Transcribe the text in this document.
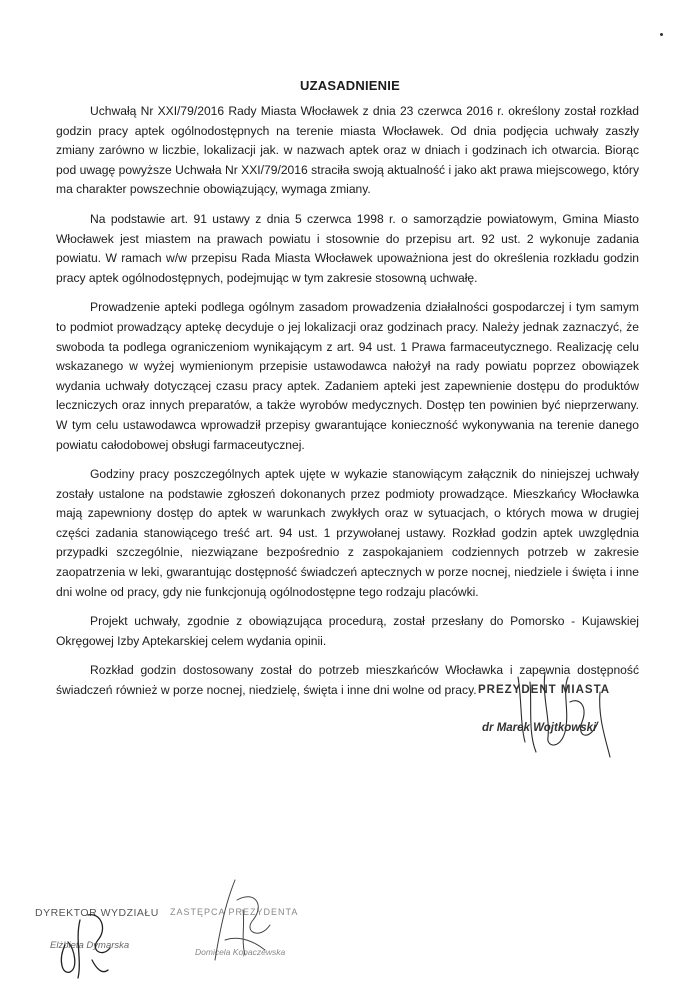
UZASADNIENIE

Uchwałą Nr XXI/79/2016 Rady Miasta Włocławek z dnia 23 czerwca 2016 r. określony został rozkład godzin pracy aptek ogólnodostępnych na terenie miasta Włocławek. Od dnia podjęcia uchwały zaszły zmiany zarówno w liczbie, lokalizacji jak. w nazwach aptek oraz w dniach i godzinach ich otwarcia. Biorąc pod uwagę powyższe Uchwała Nr XXI/79/2016 straciła swoją aktualność i jako akt prawa miejscowego, który ma charakter powszechnie obowiązujący, wymaga zmiany.

Na podstawie art. 91 ustawy z dnia 5 czerwca 1998 r. o samorządzie powiatowym, Gmina Miasto Włocławek jest miastem na prawach powiatu i stosownie do przepisu art. 92 ust. 2 wykonuje zadania powiatu. W ramach w/w przepisu Rada Miasta Włocławek upoważniona jest do określenia rozkładu godzin pracy aptek ogólnodostępnych, podejmując w tym zakresie stosowną uchwałę.

Prowadzenie apteki podlega ogólnym zasadom prowadzenia działalności gospodarczej i tym samym to podmiot prowadzący aptekę decyduje o jej lokalizacji oraz godzinach pracy. Należy jednak zaznaczyć, że swoboda ta podlega ograniczeniom wynikającym z art. 94 ust. 1 Prawa farmaceutycznego. Realizację celu wskazanego w wyżej wymienionym przepisie ustawodawca nałożył na rady powiatu poprzez obowiązek wydania uchwały dotyczącej czasu pracy aptek. Zadaniem apteki jest zapewnienie dostępu do produktów leczniczych oraz innych preparatów, a także wyrobów medycznych. Dostęp ten powinien być nieprzerwany. W tym celu ustawodawca wprowadził przepisy gwarantujące konieczność wykonywania na terenie danego powiatu całodobowej obsługi farmaceutycznej.

Godziny pracy poszczególnych aptek ujęte w wykazie stanowiącym załącznik do niniejszej uchwały zostały ustalone na podstawie zgłoszeń dokonanych przez podmioty prowadzące. Mieszkańcy Włocławka mają zapewniony dostęp do aptek w warunkach zwykłych oraz w sytuacjach, o których mowa w drugiej części zadania stanowiącego treść art. 94 ust. 1 przywołanej ustawy. Rozkład godzin aptek uwzględnia przypadki szczególnie, niezwiązane bezpośrednio z zaspokajaniem codziennych potrzeb w zakresie zaopatrzenia w leki, gwarantując dostępność świadczeń aptecznych w porze nocnej, niedziele i święta i inne dni wolne od pracy, gdy nie funkcjonują ogólnodostępne tego rodzaju placówki.

Projekt uchwały, zgodnie z obowiązująca procedurą, został przesłany do Pomorsko - Kujawskiej Okręgowej Izby Aptekarskiej celem wydania opinii.

Rozkład godzin dostosowany został do potrzeb mieszkańców Włocławka i zapewnia dostępność świadczeń również w porze nocnej, niedzielę, święta i inne dni wolne od pracy. PREZYDENT MIASTA
dr Marek Wojtkowski
DYREKTOR WYDZIAŁU
Elżbieta Dymarska
ZASTĘPCA PREZYDENTA
Domicela Kopaczewska
